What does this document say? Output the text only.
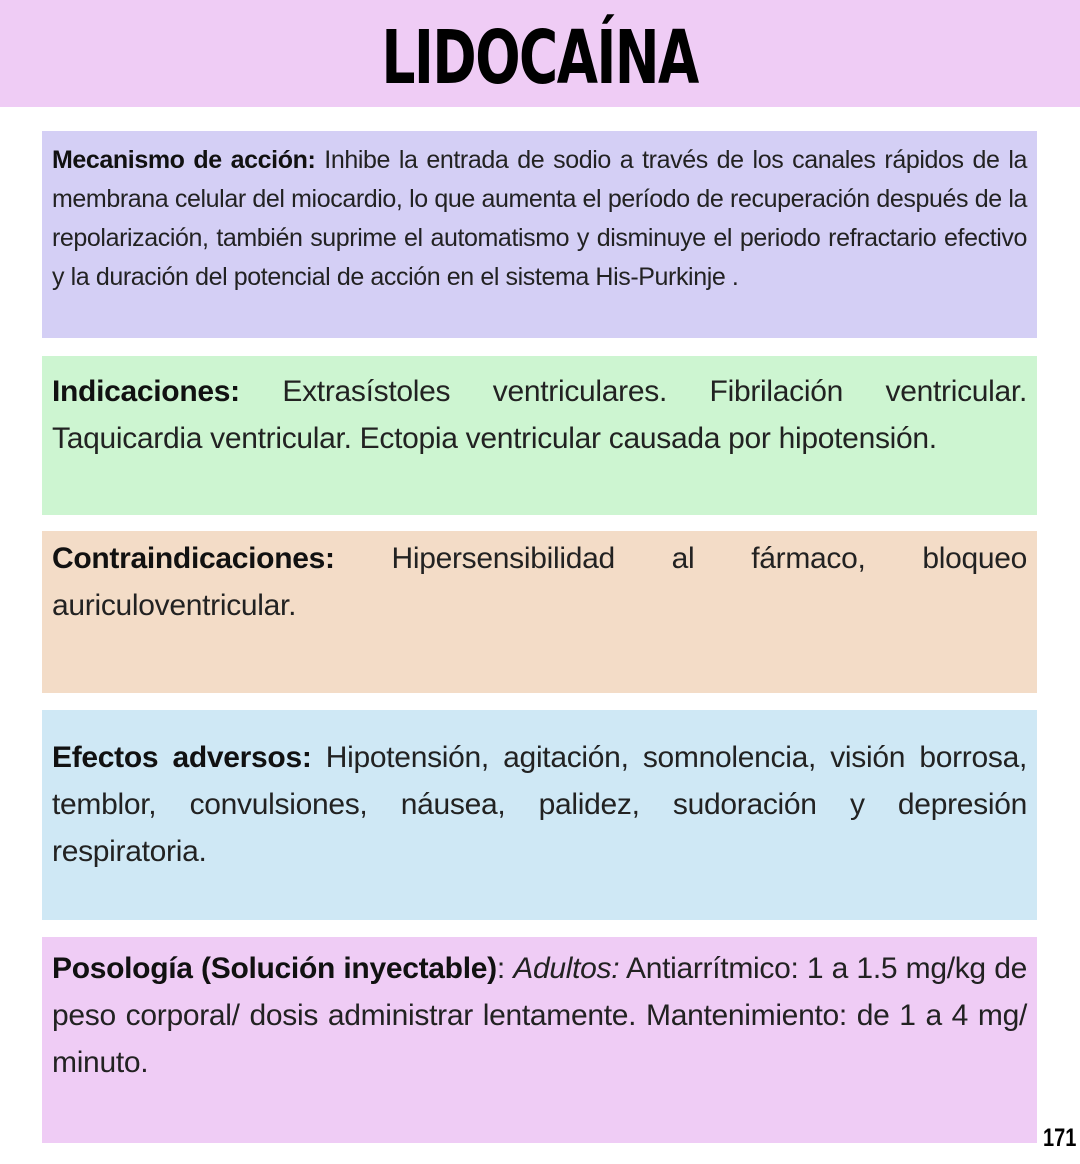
LIDOCAÍNA
Mecanismo de acción: Inhibe la entrada de sodio a través de los canales rápidos de la membrana celular del miocardio, lo que aumenta el período de recuperación después de la repolarización, también suprime el automatismo y disminuye el periodo refractario efectivo y la duración del potencial de acción en el sistema His-Purkinje .
Indicaciones: Extrasístoles ventriculares. Fibrilación ventricular. Taquicardia ventricular. Ectopia ventricular causada por hipotensión.
Contraindicaciones: Hipersensibilidad al fármaco, bloqueo auriculoventricular.
Efectos adversos: Hipotensión, agitación, somnolencia, visión borrosa, temblor, convulsiones, náusea, palidez, sudoración y depresión respiratoria.
Posología (Solución inyectable): Adultos: Antiarrítmico: 1 a 1.5 mg/kg de peso corporal/ dosis administrar lentamente. Mantenimiento: de 1 a 4 mg/ minuto.
171
